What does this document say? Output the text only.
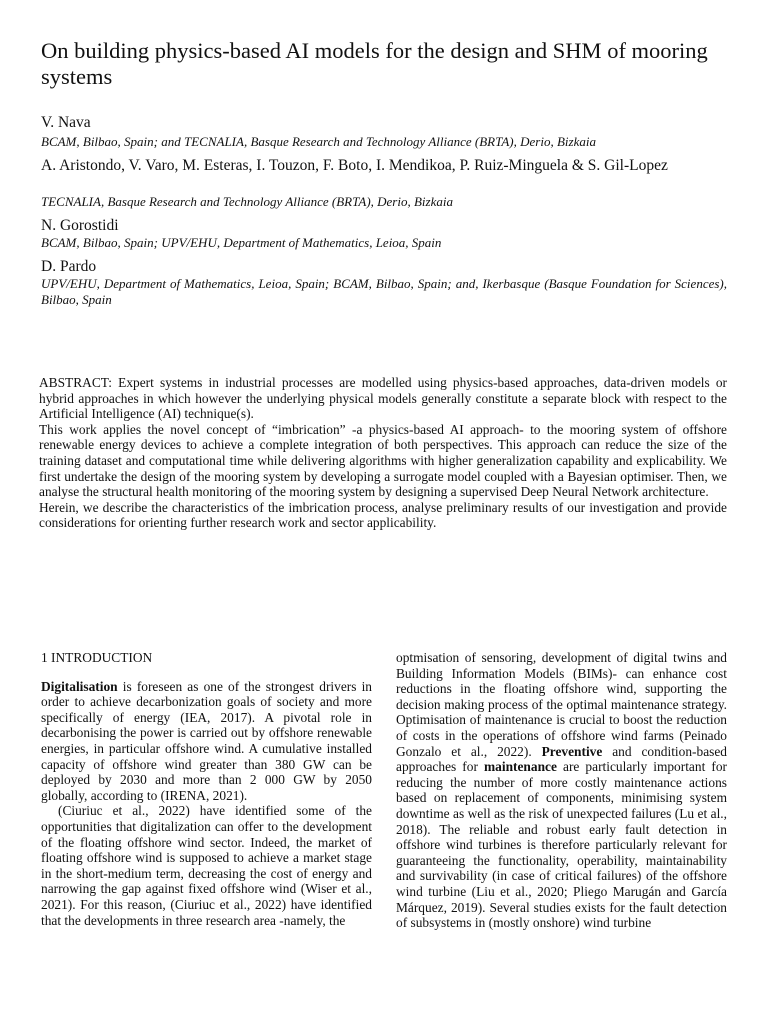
On building physics-based AI models for the design and SHM of mooring systems
V. Nava
BCAM, Bilbao, Spain; and TECNALIA, Basque Research and Technology Alliance (BRTA), Derio, Bizkaia
A. Aristondo, V. Varo, M. Esteras, I. Touzon, F. Boto, I. Mendikoa, P. Ruiz-Minguela & S. Gil-Lopez
TECNALIA, Basque Research and Technology Alliance (BRTA), Derio, Bizkaia
N. Gorostidi
BCAM, Bilbao, Spain; UPV/EHU, Department of Mathematics, Leioa, Spain
D. Pardo
UPV/EHU, Department of Mathematics, Leioa, Spain; BCAM, Bilbao, Spain; and, Ikerbasque (Basque Foundation for Sciences), Bilbao, Spain

ABSTRACT: Expert systems in industrial processes are modelled using physics-based approaches, data-driven models or hybrid approaches in which however the underlying physical models generally constitute a separate block with respect to the Artificial Intelligence (AI) technique(s).

This work applies the novel concept of “imbrication” -a physics-based AI approach- to the mooring system of offshore renewable energy devices to achieve a complete integration of both perspectives. This approach can reduce the size of the training dataset and computational time while delivering algorithms with higher generalization capability and explicability. We first undertake the design of the mooring system by developing a surrogate model coupled with a Bayesian optimiser. Then, we analyse the structural health monitoring of the mooring system by designing a supervised Deep Neural Network architecture.

Herein, we describe the characteristics of the imbrication process, analyse preliminary results of our investigation and provide considerations for orienting further research work and sector applicability.

1 INTRODUCTION

Digitalisation is foreseen as one of the strongest drivers in order to achieve decarbonization goals of society and more specifically of energy (IEA, 2017). A pivotal role in decarbonising the power is carried out by offshore renewable energies, in particular offshore wind. A cumulative installed capacity of offshore wind greater than 380 GW can be deployed by 2030 and more than 2 000 GW by 2050 globally, according to (IRENA, 2021).

(Ciuriuc et al., 2022) have identified some of the opportunities that digitalization can offer to the development of the floating offshore wind sector. Indeed, the market of floating offshore wind is supposed to achieve a market stage in the short-medium term, decreasing the cost of energy and narrowing the gap against fixed offshore wind (Wiser et al., 2021). For this reason, (Ciuriuc et al., 2022) have identified that the developments in three research area -namely, the

optmisation of sensoring, development of digital twins and Building Information Models (BIMs)- can enhance cost reductions in the floating offshore wind, supporting the decision making process of the optimal maintenance strategy. Optimisation of maintenance is crucial to boost the reduction of costs in the operations of offshore wind farms (Peinado Gonzalo et al., 2022). Preventive and condition-based approaches for maintenance are particularly important for reducing the number of more costly maintenance actions based on replacement of components, minimising system downtime as well as the risk of unexpected failures (Lu et al., 2018). The reliable and robust early fault detection in offshore wind turbines is therefore particularly relevant for guaranteeing the functionality, operability, maintainability and survivability (in case of critical failures) of the offshore wind turbine (Liu et al., 2020; Pliego Marugán and García Márquez, 2019). Several studies exists for the fault detection of subsystems in (mostly onshore) wind turbine
